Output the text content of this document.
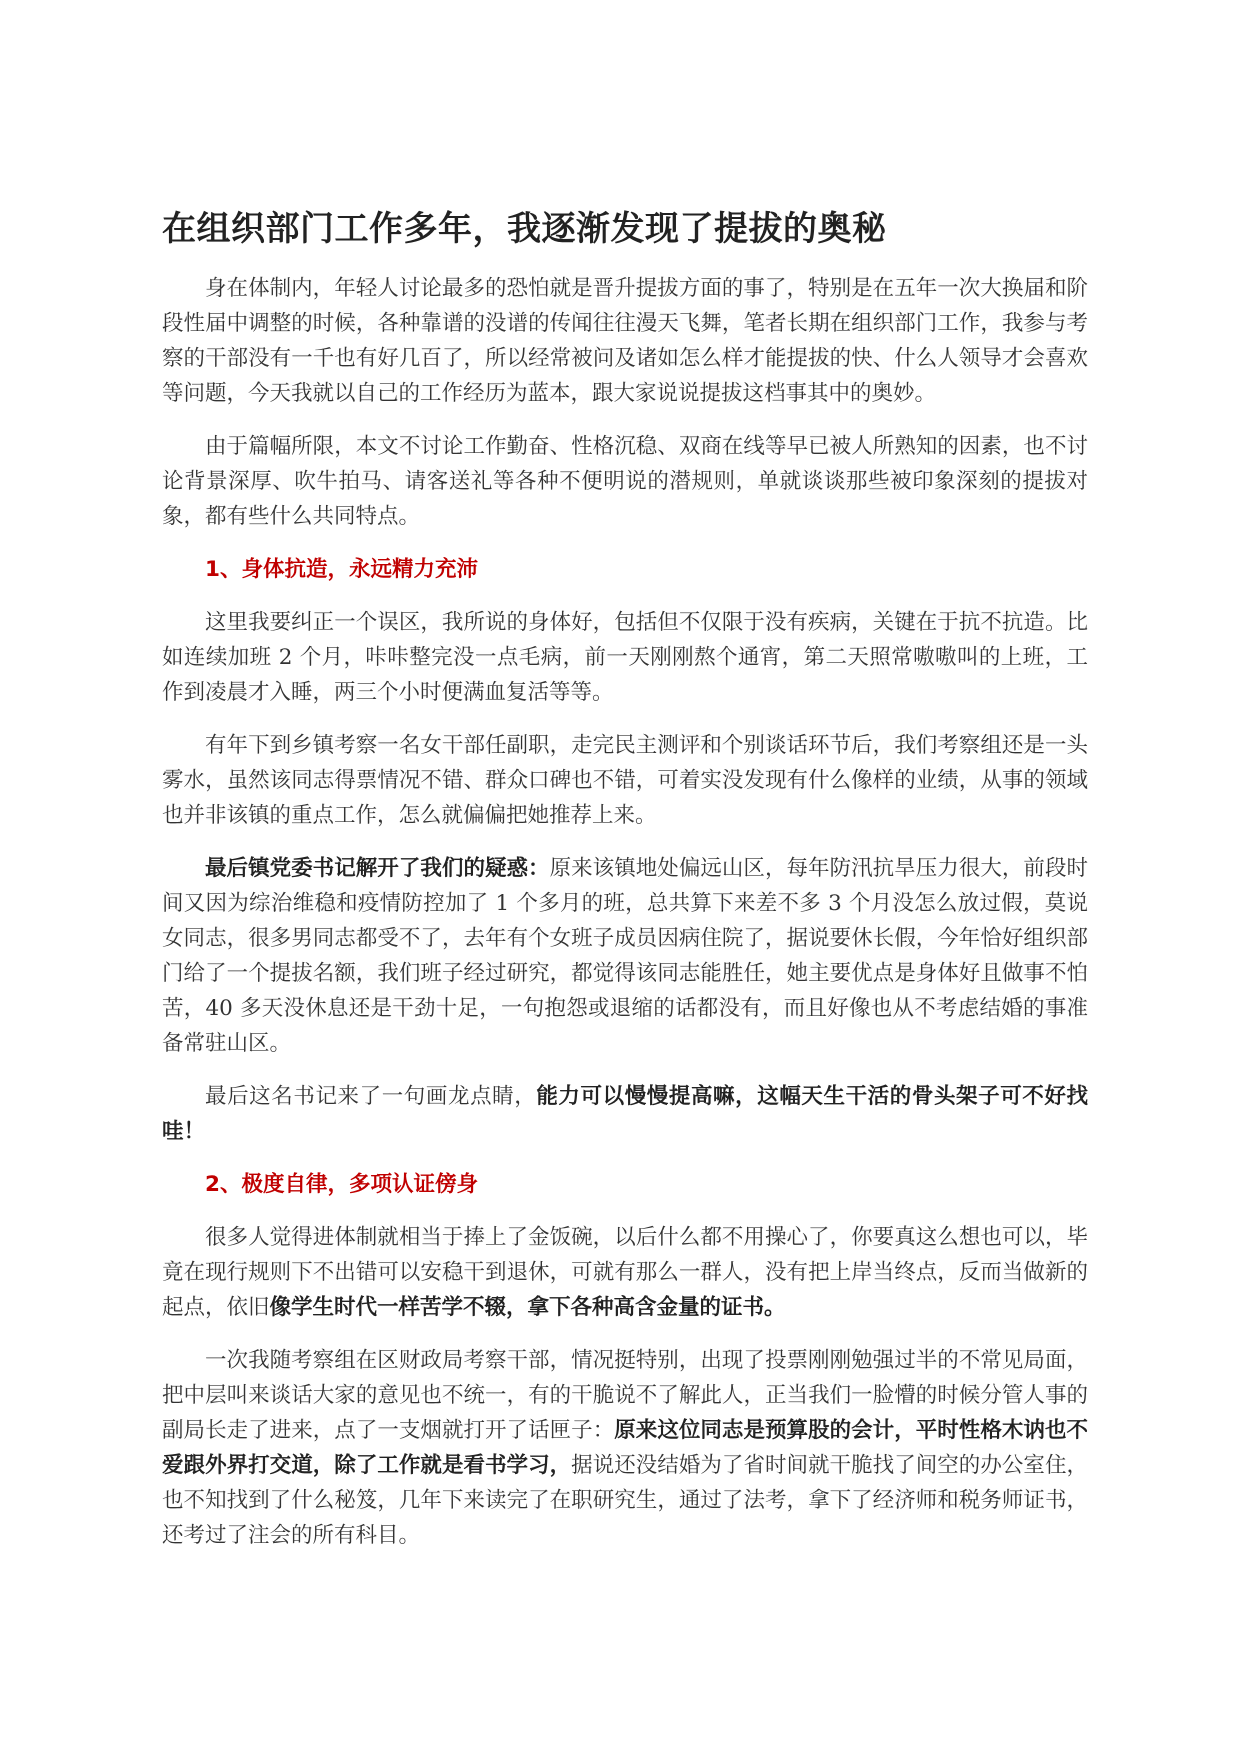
在组织部门工作多年，我逐渐发现了提拔的奥秘

身在体制内，年轻人讨论最多的恐怕就是晋升提拔方面的事了，特别是在五年一次大换届和阶段性届中调整的时候，各种靠谱的没谱的传闻往往漫天飞舞，笔者长期在组织部门工作，我参与考察的干部没有一千也有好几百了，所以经常被问及诸如怎么样才能提拔的快、什么人领导才会喜欢等问题，今天我就以自己的工作经历为蓝本，跟大家说说提拔这档事其中的奥妙。

由于篇幅所限，本文不讨论工作勤奋、性格沉稳、双商在线等早已被人所熟知的因素，也不讨论背景深厚、吹牛拍马、请客送礼等各种不便明说的潜规则，单就谈谈那些被印象深刻的提拔对象，都有些什么共同特点。

1、身体抗造，永远精力充沛

这里我要纠正一个误区，我所说的身体好，包括但不仅限于没有疾病，关键在于抗不抗造。比如连续加班 2 个月，咔咔整完没一点毛病，前一天刚刚熬个通宵，第二天照常嗷嗷叫的上班，工作到凌晨才入睡，两三个小时便满血复活等等。

有年下到乡镇考察一名女干部任副职，走完民主测评和个别谈话环节后，我们考察组还是一头雾水，虽然该同志得票情况不错、群众口碑也不错，可着实没发现有什么像样的业绩，从事的领域也并非该镇的重点工作，怎么就偏偏把她推荐上来。

最后镇党委书记解开了我们的疑惑：原来该镇地处偏远山区，每年防汛抗旱压力很大，前段时间又因为综治维稳和疫情防控加了 1 个多月的班，总共算下来差不多 3 个月没怎么放过假，莫说女同志，很多男同志都受不了，去年有个女班子成员因病住院了，据说要休长假，今年恰好组织部门给了一个提拔名额，我们班子经过研究，都觉得该同志能胜任，她主要优点是身体好且做事不怕苦，40 多天没休息还是干劲十足，一句抱怨或退缩的话都没有，而且好像也从不考虑结婚的事准备常驻山区。

最后这名书记来了一句画龙点睛，能力可以慢慢提高嘛，这幅天生干活的骨头架子可不好找哇！

2、极度自律，多项认证傍身

很多人觉得进体制就相当于捧上了金饭碗，以后什么都不用操心了，你要真这么想也可以，毕竟在现行规则下不出错可以安稳干到退休，可就有那么一群人，没有把上岸当终点，反而当做新的起点，依旧像学生时代一样苦学不辍，拿下各种高含金量的证书。

一次我随考察组在区财政局考察干部，情况挺特别，出现了投票刚刚勉强过半的不常见局面，把中层叫来谈话大家的意见也不统一，有的干脆说不了解此人，正当我们一脸懵的时候分管人事的副局长走了进来，点了一支烟就打开了话匣子：原来这位同志是预算股的会计，平时性格木讷也不爱跟外界打交道，除了工作就是看书学习，据说还没结婚为了省时间就干脆找了间空的办公室住，也不知找到了什么秘笈，几年下来读完了在职研究生，通过了法考，拿下了经济师和税务师证书，还考过了注会的所有科目。
